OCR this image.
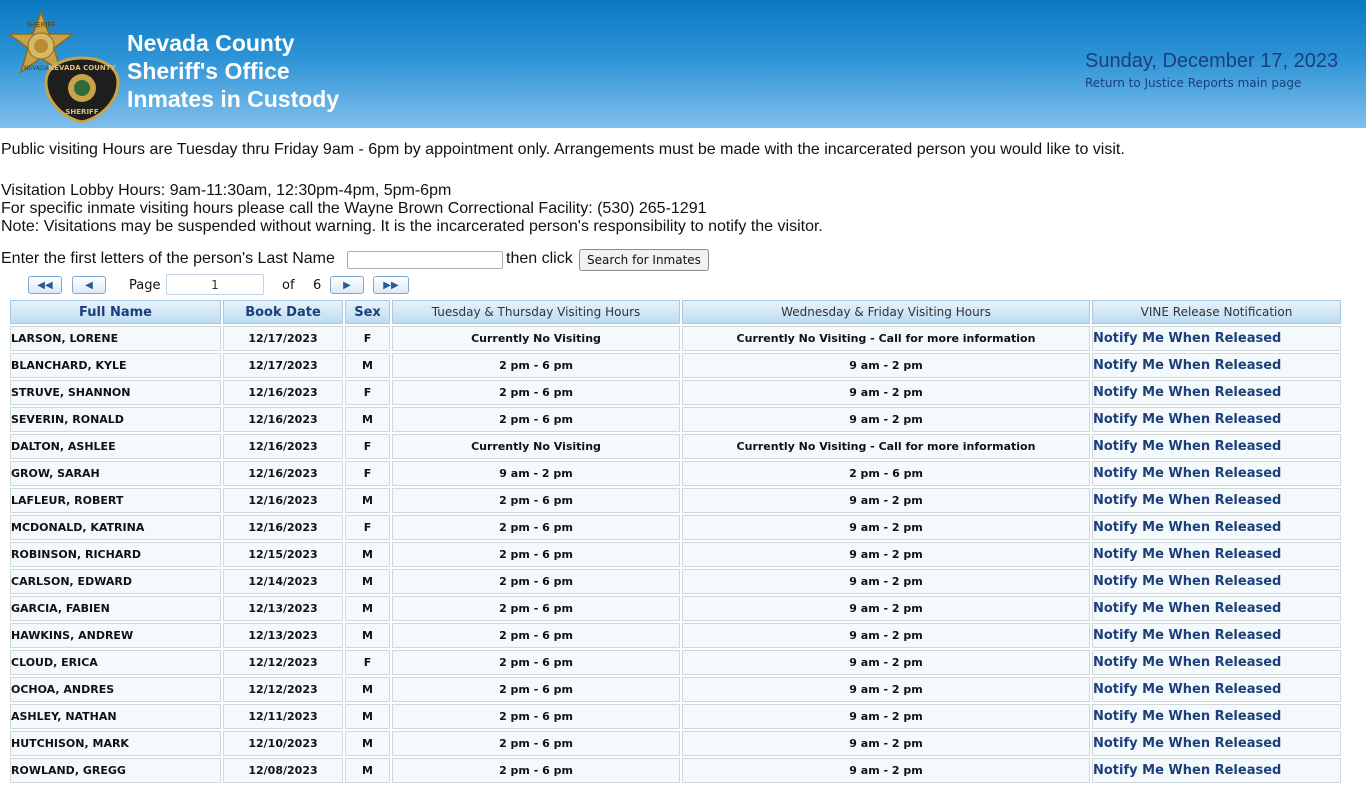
SHERIFF
NEVADA NEVADA COUNTY
SHERIFF
Nevada County
Sheriff's Office
Inmates in Custody
Sunday, December 17, 2023
Return to Justice Reports main page
Public visiting Hours are Tuesday thru Friday 9am - 6pm by appointment only. Arrangements must be made with the incarcerated person you would like to visit.
Visitation Lobby Hours: 9am-11:30am, 12:30pm-4pm, 5pm-6pm
For specific inmate visiting hours please call the Wayne Brown Correctional Facility: (530) 265-1291
Note: Visitations may be suspended without warning. It is the incarcerated person's responsibility to notify the visitor.
Enter the first letters of the person's Last Name	then click	Search for Inmates
◀◀	◀	Page
1	of 6	▶	▶▶
Full Name	Book Date	Sex	Tuesday & Thursday Visiting Hours	Wednesday & Friday Visiting Hours	VINE Release Notification
LARSON, LORENE	12/17/2023	F	Currently No Visiting	Currently No Visiting - Call for more information	Notify Me When Released
BLANCHARD, KYLE	12/17/2023	M	2 pm - 6 pm	9 am - 2 pm	Notify Me When Released
STRUVE, SHANNON	12/16/2023	F	2 pm - 6 pm	9 am - 2 pm	Notify Me When Released
SEVERIN, RONALD	12/16/2023	M	2 pm - 6 pm	9 am - 2 pm	Notify Me When Released
DALTON, ASHLEE	12/16/2023	F	Currently No Visiting	Currently No Visiting - Call for more information	Notify Me When Released
GROW, SARAH	12/16/2023	F	9 am - 2 pm	2 pm - 6 pm	Notify Me When Released
LAFLEUR, ROBERT	12/16/2023	M	2 pm - 6 pm	9 am - 2 pm	Notify Me When Released
MCDONALD, KATRINA	12/16/2023	F	2 pm - 6 pm	9 am - 2 pm	Notify Me When Released
ROBINSON, RICHARD	12/15/2023	M	2 pm - 6 pm	9 am - 2 pm	Notify Me When Released
CARLSON, EDWARD	12/14/2023	M	2 pm - 6 pm	9 am - 2 pm	Notify Me When Released
GARCIA, FABIEN	12/13/2023	M	2 pm - 6 pm	9 am - 2 pm	Notify Me When Released
HAWKINS, ANDREW	12/13/2023	M	2 pm - 6 pm	9 am - 2 pm	Notify Me When Released
CLOUD, ERICA	12/12/2023	F	2 pm - 6 pm	9 am - 2 pm	Notify Me When Released
OCHOA, ANDRES	12/12/2023	M	2 pm - 6 pm	9 am - 2 pm	Notify Me When Released
ASHLEY, NATHAN	12/11/2023	M	2 pm - 6 pm	9 am - 2 pm	Notify Me When Released
HUTCHISON, MARK	12/10/2023	M	2 pm - 6 pm	9 am - 2 pm	Notify Me When Released
ROWLAND, GREGG	12/08/2023	M	2 pm - 6 pm	9 am - 2 pm	Notify Me When Released
